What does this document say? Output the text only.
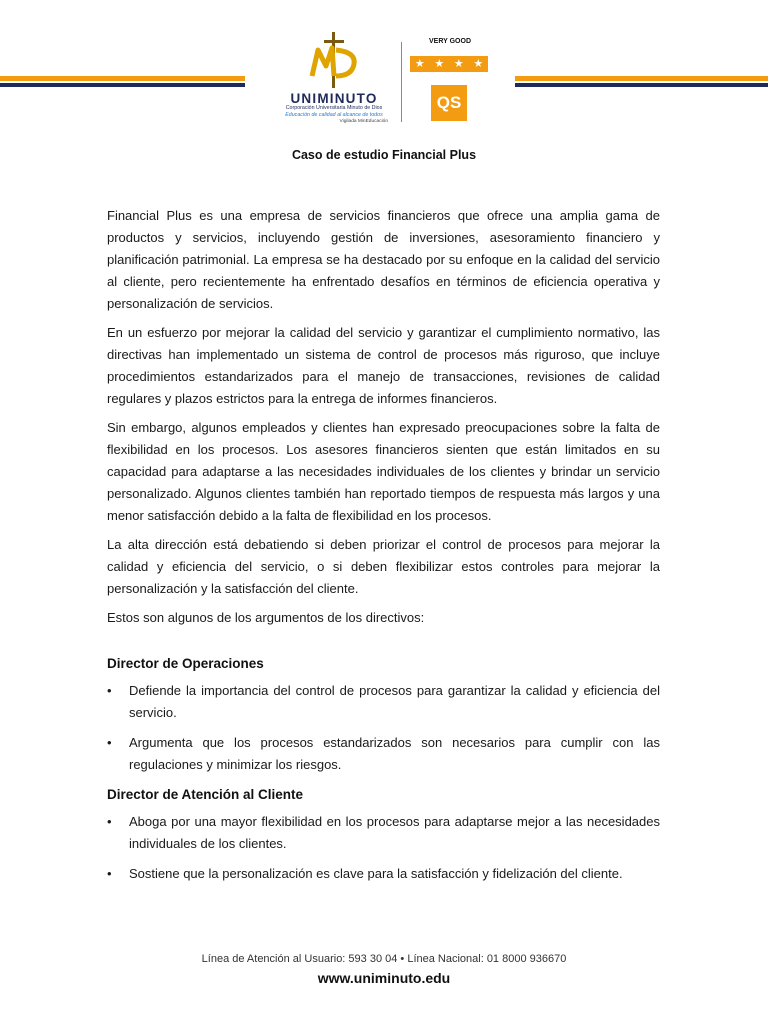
UNIMINUTO
Corporación Universitaria Minuto de Dios
Educación de calidad al alcance de todos
Vigilada MinEducación
VERY GOOD
★ ★ ★ ★
QS
Caso de estudio Financial Plus

Financial Plus es una empresa de servicios financieros que ofrece una amplia gama de productos y servicios, incluyendo gestión de inversiones, asesoramiento financiero y planificación patrimonial. La empresa se ha destacado por su enfoque en la calidad del servicio al cliente, pero recientemente ha enfrentado desafíos en términos de eficiencia operativa y personalización de servicios.

En un esfuerzo por mejorar la calidad del servicio y garantizar el cumplimiento normativo, las directivas han implementado un sistema de control de procesos más riguroso, que incluye procedimientos estandarizados para el manejo de transacciones, revisiones de calidad regulares y plazos estrictos para la entrega de informes financieros.

Sin embargo, algunos empleados y clientes han expresado preocupaciones sobre la falta de flexibilidad en los procesos. Los asesores financieros sienten que están limitados en su capacidad para adaptarse a las necesidades individuales de los clientes y brindar un servicio personalizado. Algunos clientes también han reportado tiempos de respuesta más largos y una menor satisfacción debido a la falta de flexibilidad en los procesos.

La alta dirección está debatiendo si deben priorizar el control de procesos para mejorar la calidad y eficiencia del servicio, o si deben flexibilizar estos controles para mejorar la personalización y la satisfacción del cliente.

Estos son algunos de los argumentos de los directivos:

Director de Operaciones
• Defiende la importancia del control de procesos para garantizar la calidad y eficiencia del servicio.
• Argumenta que los procesos estandarizados son necesarios para cumplir con las regulaciones y minimizar los riesgos.
Director de Atención al Cliente
• Aboga por una mayor flexibilidad en los procesos para adaptarse mejor a las necesidades individuales de los clientes.
• Sostiene que la personalización es clave para la satisfacción y fidelización del cliente.
Línea de Atención al Usuario: 593 30 04 • Línea Nacional: 01 8000 936670
www.uniminuto.edu
